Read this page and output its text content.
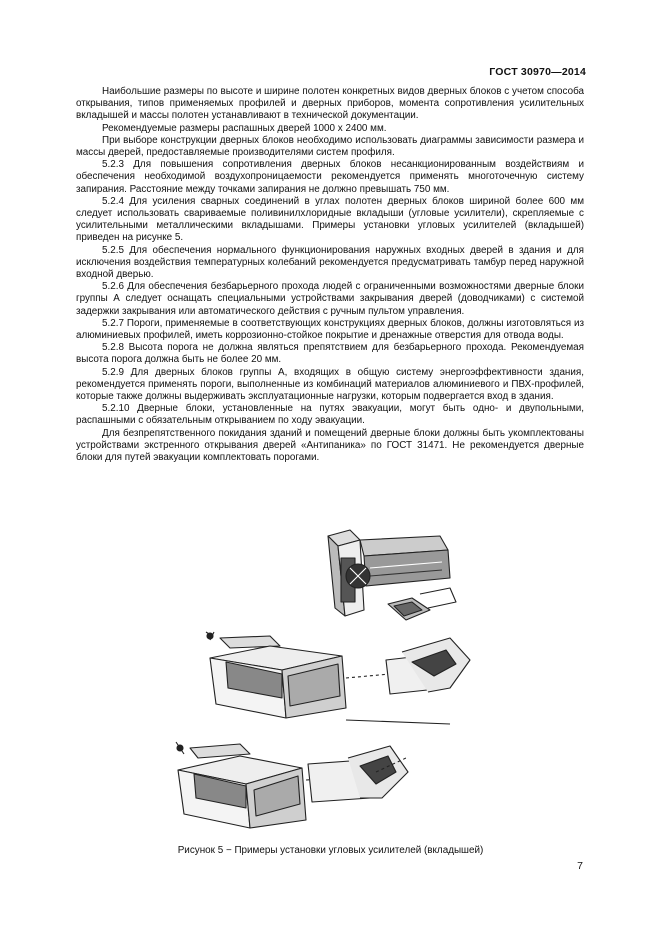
ГОСТ 30970—2014

Наибольшие размеры по высоте и ширине полотен конкретных видов дверных блоков с учетом способа открывания, типов применяемых профилей и дверных приборов, момента сопротивления усилительных вкладышей и массы полотен устанавливают в технической документации.

Рекомендуемые размеры распашных дверей 1000 х 2400 мм.

При выборе конструкции дверных блоков необходимо использовать диаграммы зависимости размера и массы дверей, предоставляемые производителями систем профиля.

5.2.3 Для повышения сопротивления дверных блоков несанкционированным воздействиям и обеспечения необходимой воздухопроницаемости рекомендуется применять многоточечную систему запирания. Расстояние между точками запирания не должно превышать 750 мм.

5.2.4 Для усиления сварных соединений в углах полотен дверных блоков шириной более 600 мм следует использовать свариваемые поливинилхлоридные вкладыши (угловые усилители), скрепляемые с усилительными металлическими вкладышами. Примеры установки угловых усилителей (вкладышей) приведен на рисунке 5.

5.2.5 Для обеспечения нормального функционирования наружных входных дверей в здания и для исключения воздействия температурных колебаний рекомендуется предусматривать тамбур перед наружной входной дверью.

5.2.6 Для обеспечения безбарьерного прохода людей с ограниченными возможностями дверные блоки группы А следует оснащать специальными устройствами закрывания дверей (доводчиками) с системой задержки закрывания или автоматического действия с ручным пультом управления.

5.2.7 Пороги, применяемые в соответствующих конструкциях дверных блоков, должны изготовляться из алюминиевых профилей, иметь коррозионно-стойкое покрытие и дренажные отверстия для отвода воды.

5.2.8 Высота порога не должна являться препятствием для безбарьерного прохода. Рекомендуемая высота порога должна быть не более 20 мм.

5.2.9 Для дверных блоков группы А, входящих в общую систему энергоэффективности здания, рекомендуется применять пороги, выполненные из комбинаций материалов алюминиевого и ПВХ-профилей, которые также должны выдерживать эксплуатационные нагрузки, которым подвергается вход в здания.

5.2.10 Дверные блоки, установленные на путях эвакуации, могут быть одно- и двупольными, распашными с обязательным открыванием по ходу эвакуации.

Для безпрепятственного покидания зданий и помещений дверные блоки должны быть укомплектованы устройствами экстренного открывания дверей «Антипаника» по ГОСТ 31471. Не рекомендуется дверные блоки для путей эвакуации комплектовать порогами.

Рисунок 5 − Примеры установки угловых усилителей (вкладышей)
7
